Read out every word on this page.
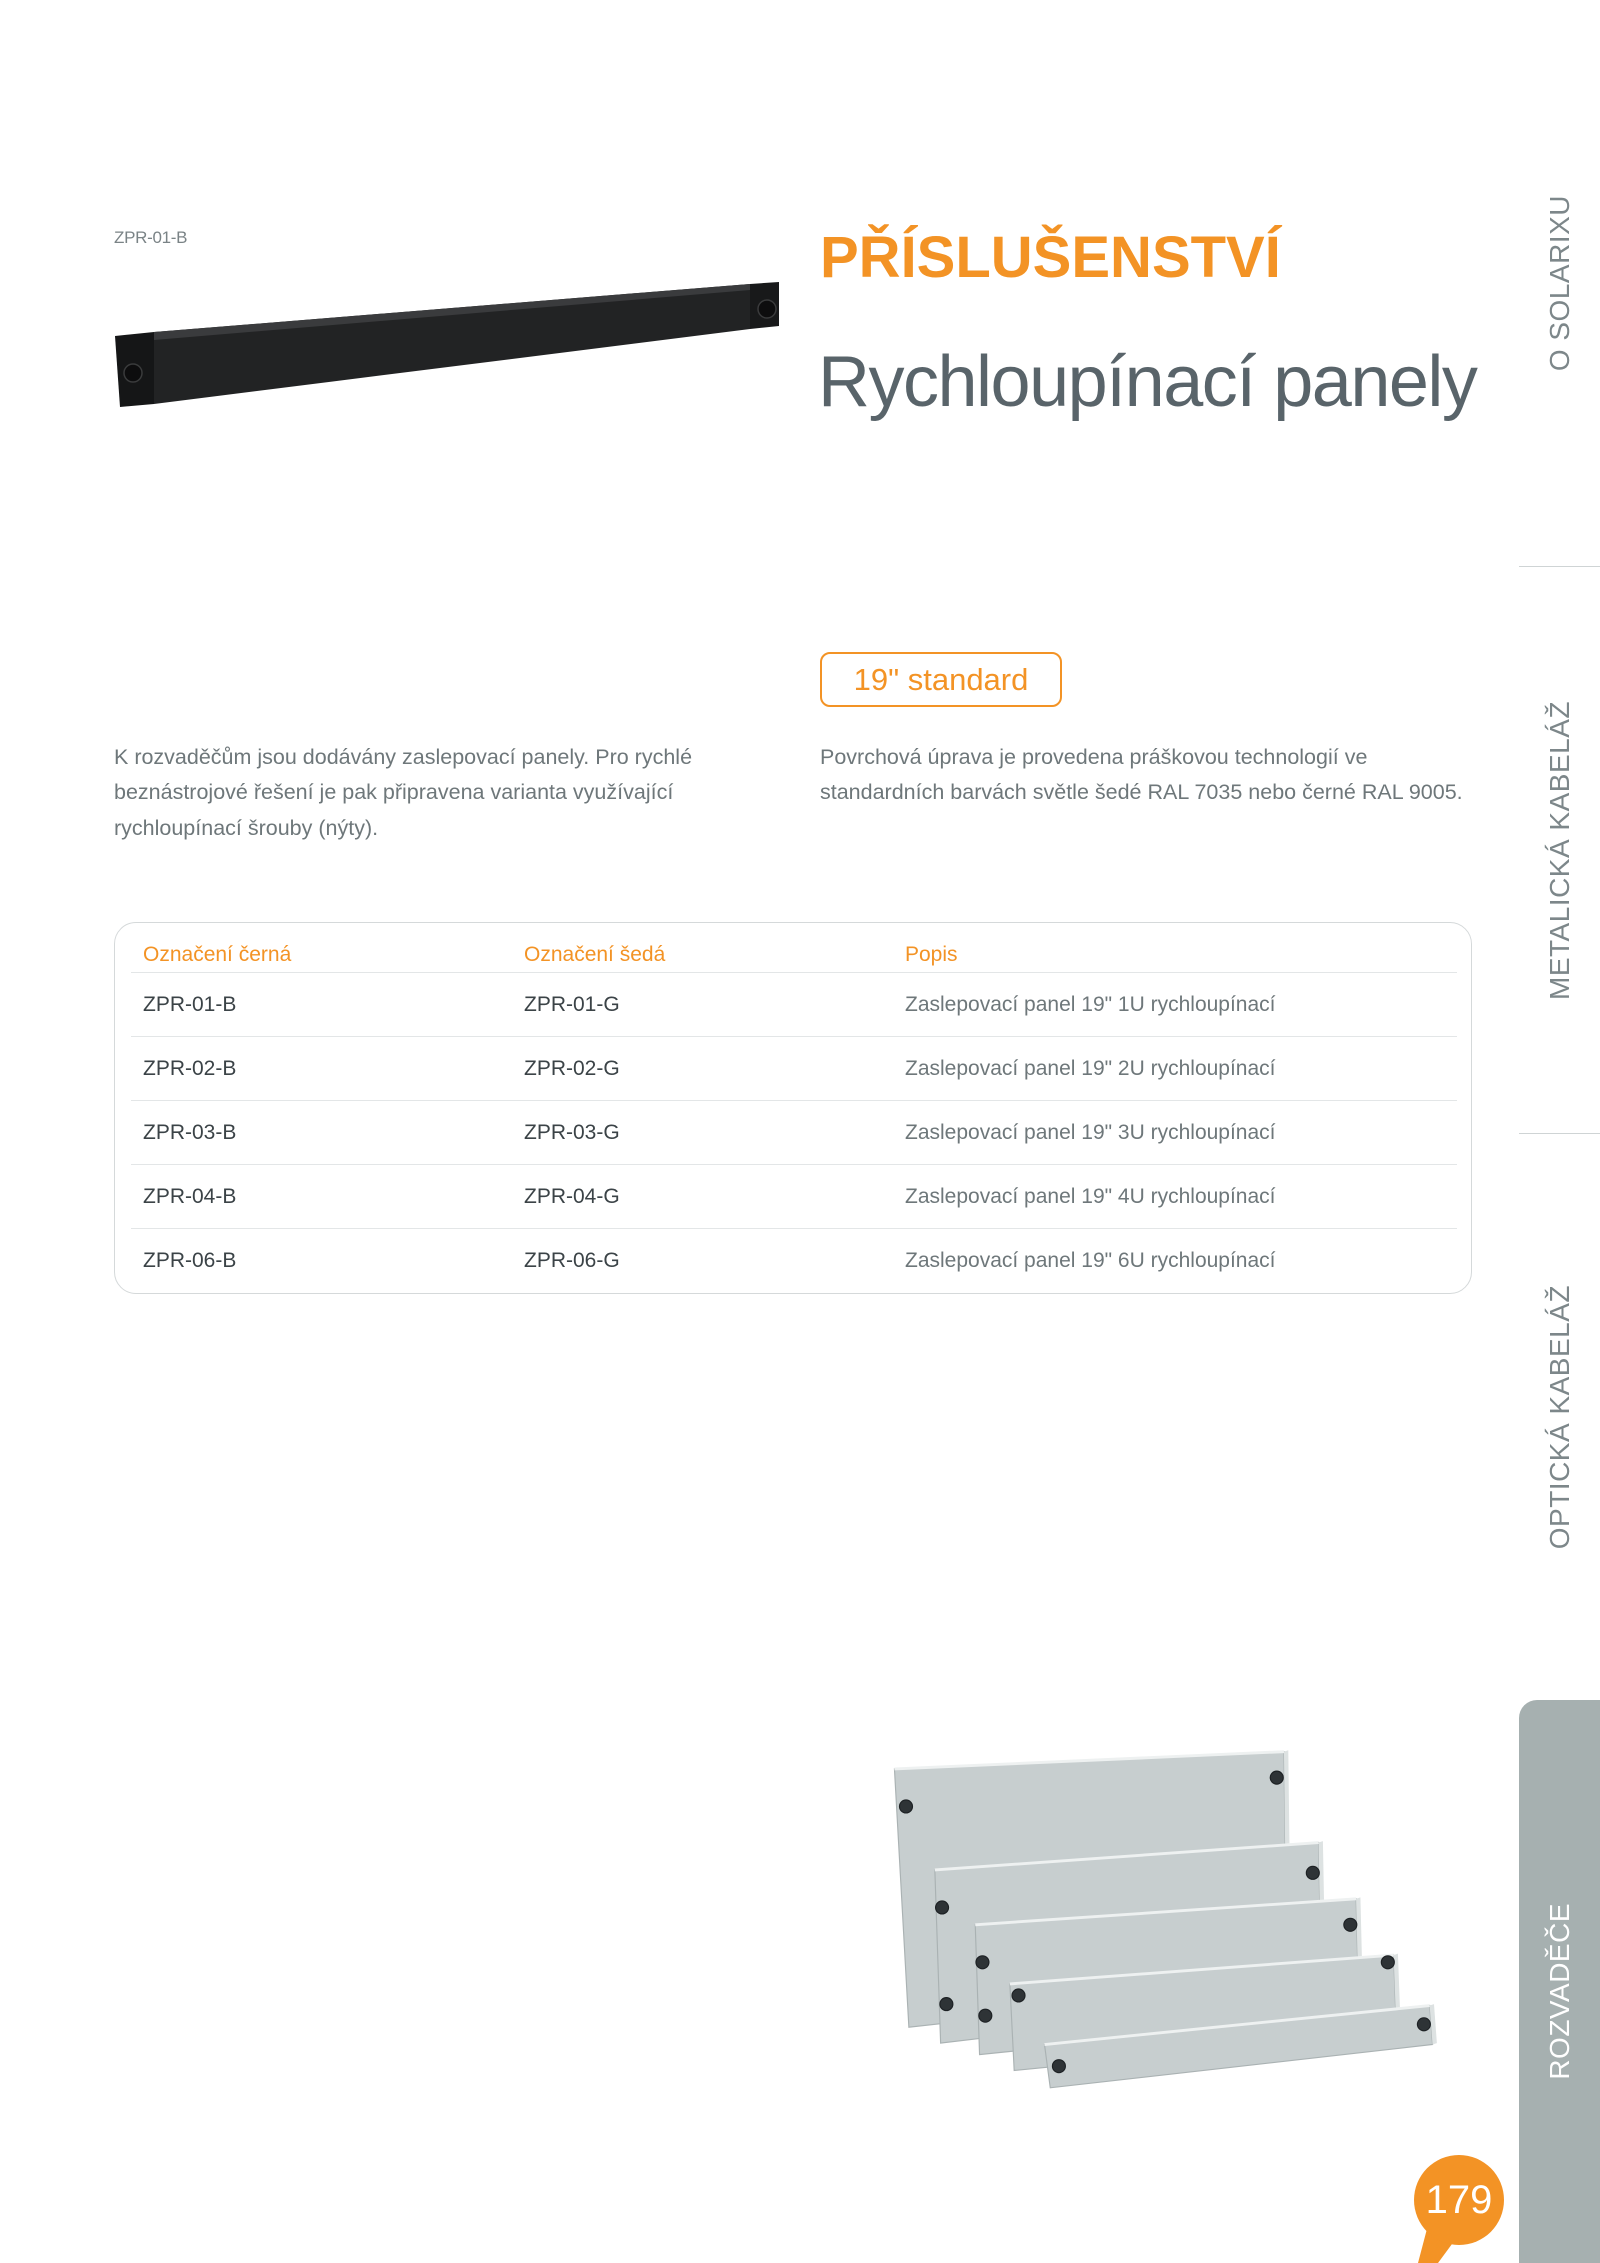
ZPR-01-B	PŘÍSLUŠENSTVÍ
Rychloupínací panely
19" standard
K rozvaděčům jsou dodávány zaslepovací panely. Pro rychlé
beznástrojové řešení je pak připravena varianta využívající
rychloupínací šrouby (nýty).
Povrchová úprava je provedena práškovou technologií ve
standardních barvách světle šedé RAL 7035 nebo černé RAL 9005.
Označení černá	Označení šedá	Popis
ZPR-01-B	ZPR-01-G	Zaslepovací panel 19" 1U rychloupínací
ZPR-02-B	ZPR-02-G	Zaslepovací panel 19" 2U rychloupínací
ZPR-03-B	ZPR-03-G	Zaslepovací panel 19" 3U rychloupínací
ZPR-04-B	ZPR-04-G	Zaslepovací panel 19" 4U rychloupínací
ZPR-06-B	ZPR-06-G	Zaslepovací panel 19" 6U rychloupínací
O SOLARIXU
METALICKÁ KABELÁŽ
OPTICKÁ KABELÁŽ
ROZVADĚČE
179
